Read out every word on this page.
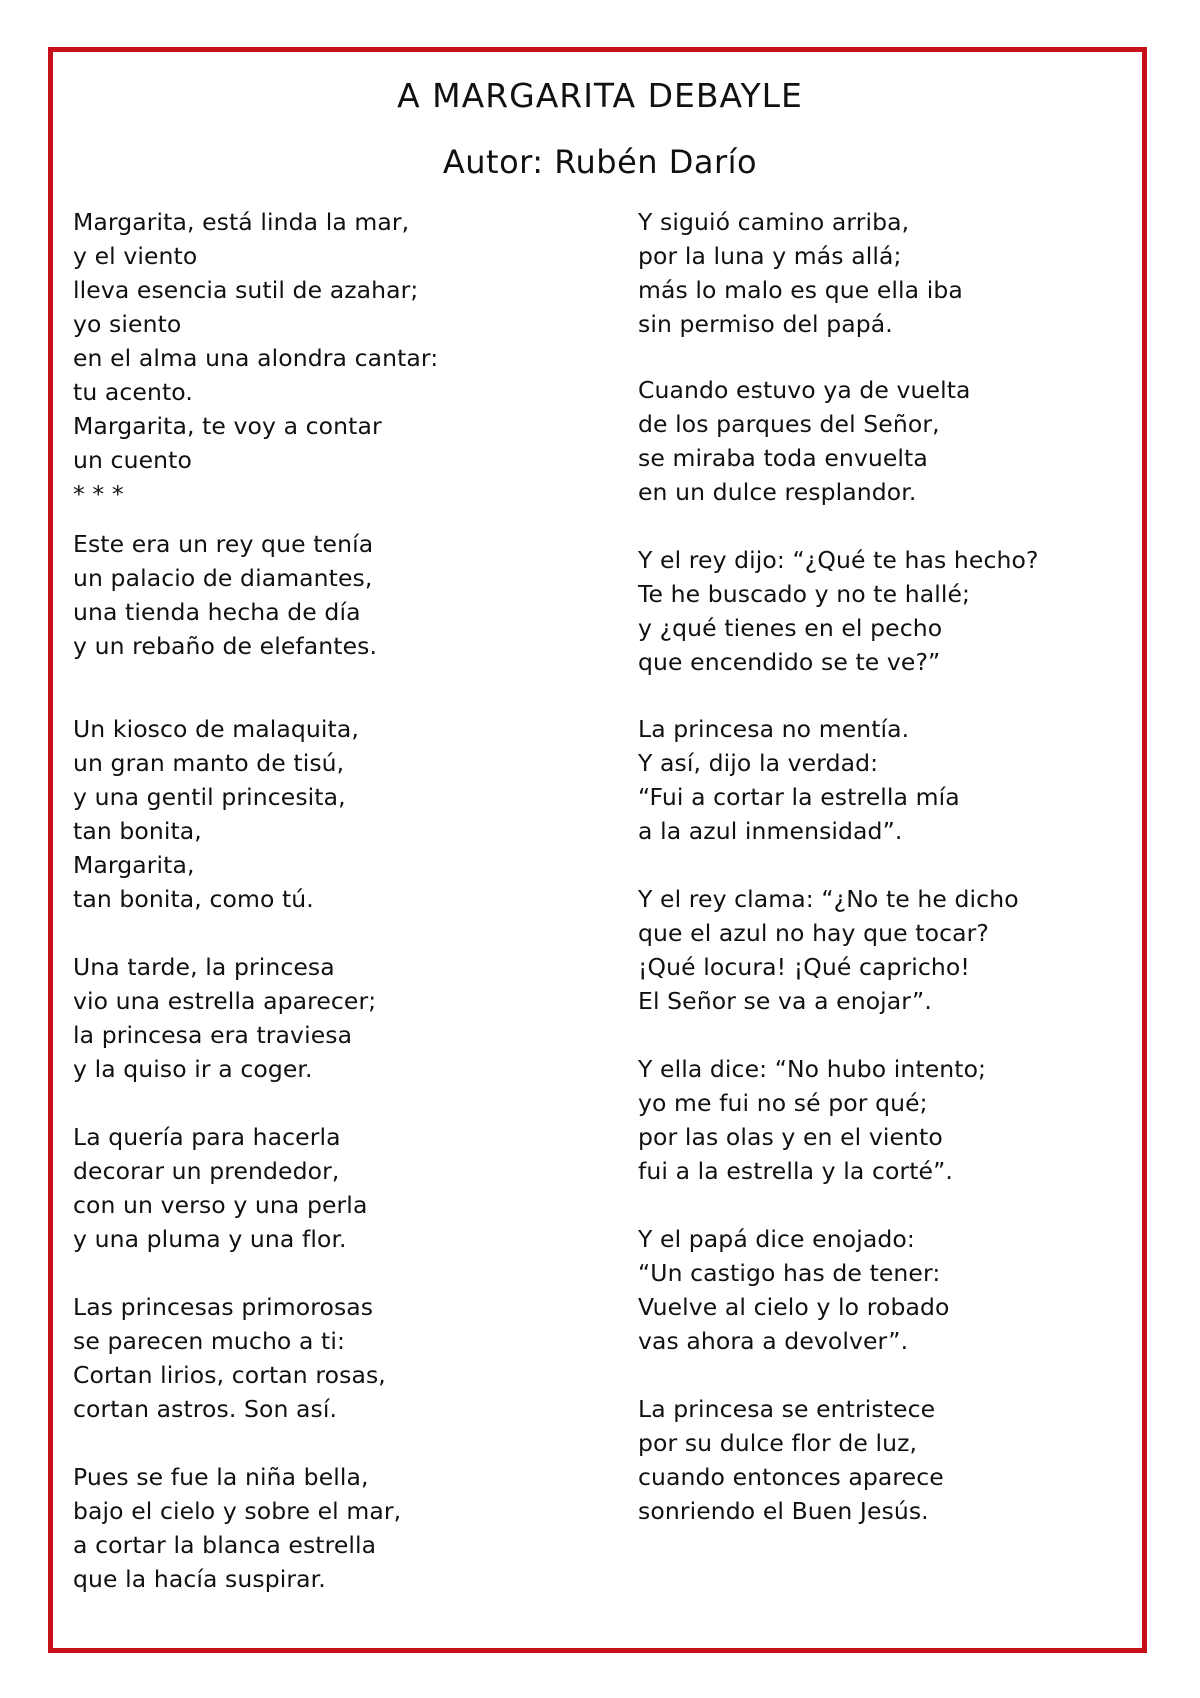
A MARGARITA DEBAYLE
Autor: Rubén Darío
Margarita, está linda la mar,
y el viento
lleva esencia sutil de azahar;
yo siento
en el alma una alondra cantar:
tu acento.
Margarita, te voy a contar
un cuento
* * *
Este era un rey que tenía
un palacio de diamantes,
una tienda hecha de día
y un rebaño de elefantes.
Un kiosco de malaquita,
un gran manto de tisú,
y una gentil princesita,
tan bonita,
Margarita,
tan bonita, como tú.
Una tarde, la princesa
vio una estrella aparecer;
la princesa era traviesa
y la quiso ir a coger.
La quería para hacerla
decorar un prendedor,
con un verso y una perla
y una pluma y una flor.
Las princesas primorosas
se parecen mucho a ti:
Cortan lirios, cortan rosas,
cortan astros. Son así.
Pues se fue la niña bella,
bajo el cielo y sobre el mar,
a cortar la blanca estrella
que la hacía suspirar.
Y siguió camino arriba,
por la luna y más allá;
más lo malo es que ella iba
sin permiso del papá.
Cuando estuvo ya de vuelta
de los parques del Señor,
se miraba toda envuelta
en un dulce resplandor.
Y el rey dijo: “¿Qué te has hecho?
Te he buscado y no te hallé;
y ¿qué tienes en el pecho
que encendido se te ve?”
La princesa no mentía.
Y así, dijo la verdad:
“Fui a cortar la estrella mía
a la azul inmensidad”.
Y el rey clama: “¿No te he dicho
que el azul no hay que tocar?
¡Qué locura! ¡Qué capricho!
El Señor se va a enojar”.
Y ella dice: “No hubo intento;
yo me fui no sé por qué;
por las olas y en el viento
fui a la estrella y la corté”.
Y el papá dice enojado:
“Un castigo has de tener:
Vuelve al cielo y lo robado
vas ahora a devolver”.
La princesa se entristece
por su dulce flor de luz,
cuando entonces aparece
sonriendo el Buen Jesús.
